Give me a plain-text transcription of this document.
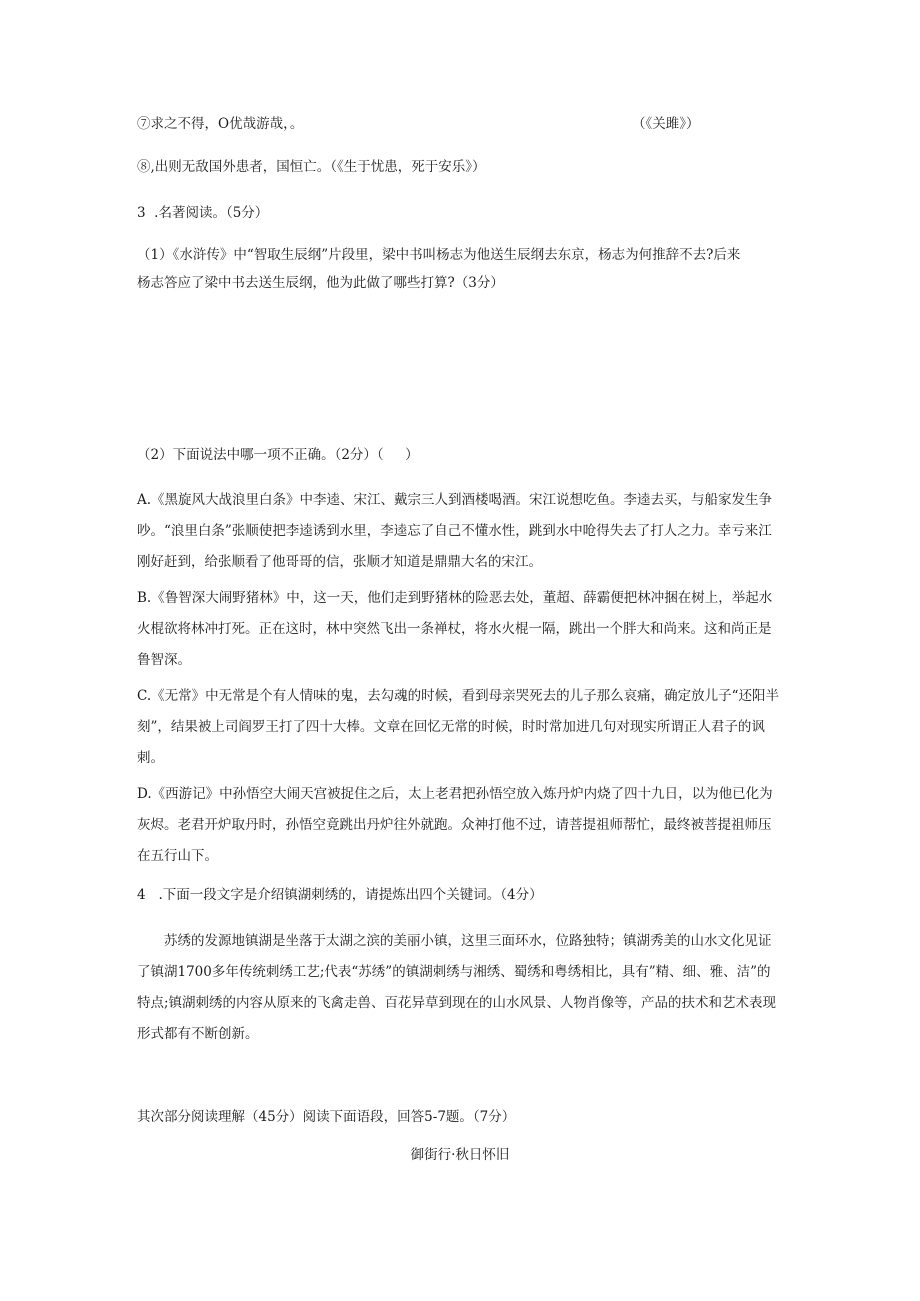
⑦求之不得，O优哉游哉，。	（《关雎》）
⑧,出则无敌国外患者，国恒亡。（《生于忧患，死于安乐》）
3  .名著阅读。（5分）
（1）《水浒传》中“智取生辰纲”片段里，梁中书叫杨志为他送生辰纲去东京，杨志为何推辞不去?后来
杨志答应了梁中书去送生辰纲，他为此做了哪些打算?（3分）
（2）下面说法中哪一项不正确。（2分）（     ）

A.《黑旋风大战浪里白条》中李逵、宋江、戴宗三人到酒楼喝酒。宋江说想吃鱼。李逵去买，与船家发生争吵。“浪里白条”张顺使把李逵诱到水里，李逵忘了自己不懂水性，跳到水中呛得失去了打人之力。幸亏来江刚好赶到，给张顺看了他哥哥的信，张顺才知道是鼎鼎大名的宋江。

B.《鲁智深大闹野猪林》中，这一天，他们走到野猪林的险恶去处，董超、薛霸便把林冲捆在树上，举起水火棍欲将林冲打死。正在这时，林中突然飞出一条禅杖，将水火棍一隔，跳出一个胖大和尚来。这和尚正是鲁智深。

C.《无常》中无常是个有人情味的鬼，去勾魂的时候，看到母亲哭死去的儿子那么哀痛，确定放儿子“还阳半刻”，结果被上司阎罗王打了四十大棒。文章在回忆无常的时候，时时常加进几句对现实所谓正人君子的讽刺。

D.《西游记》中孙悟空大闹天宫被捉住之后，太上老君把孙悟空放入炼丹炉内烧了四十九日，以为他已化为灰烬。老君开炉取丹时，孙悟空竟跳出丹炉往外就跑。众神打他不过，请菩提祖师帮忙，最终被菩提祖师压在五行山下。

4   .下面一段文字是介绍镇湖刺绣的，请提炼出四个关键词。（4分）

苏绣的发源地镇湖是坐落于太湖之滨的美丽小镇，这里三面环水，位路独特；镇湖秀美的山水文化见证了镇湖1700多年传统刺绣工艺;代表“苏绣”的镇湖刺绣与湘绣、蜀绣和粤绣相比，具有”精、细、雅、洁”的特点;镇湖刺绣的内容从原来的飞禽走兽、百花异草到现在的山水风景、人物肖像等，产品的扶术和艺术表现形式都有不断创新。

其次部分阅读理解（45分）阅读下面语段，回答5-7题。（7分）
御街行·秋日怀旧
